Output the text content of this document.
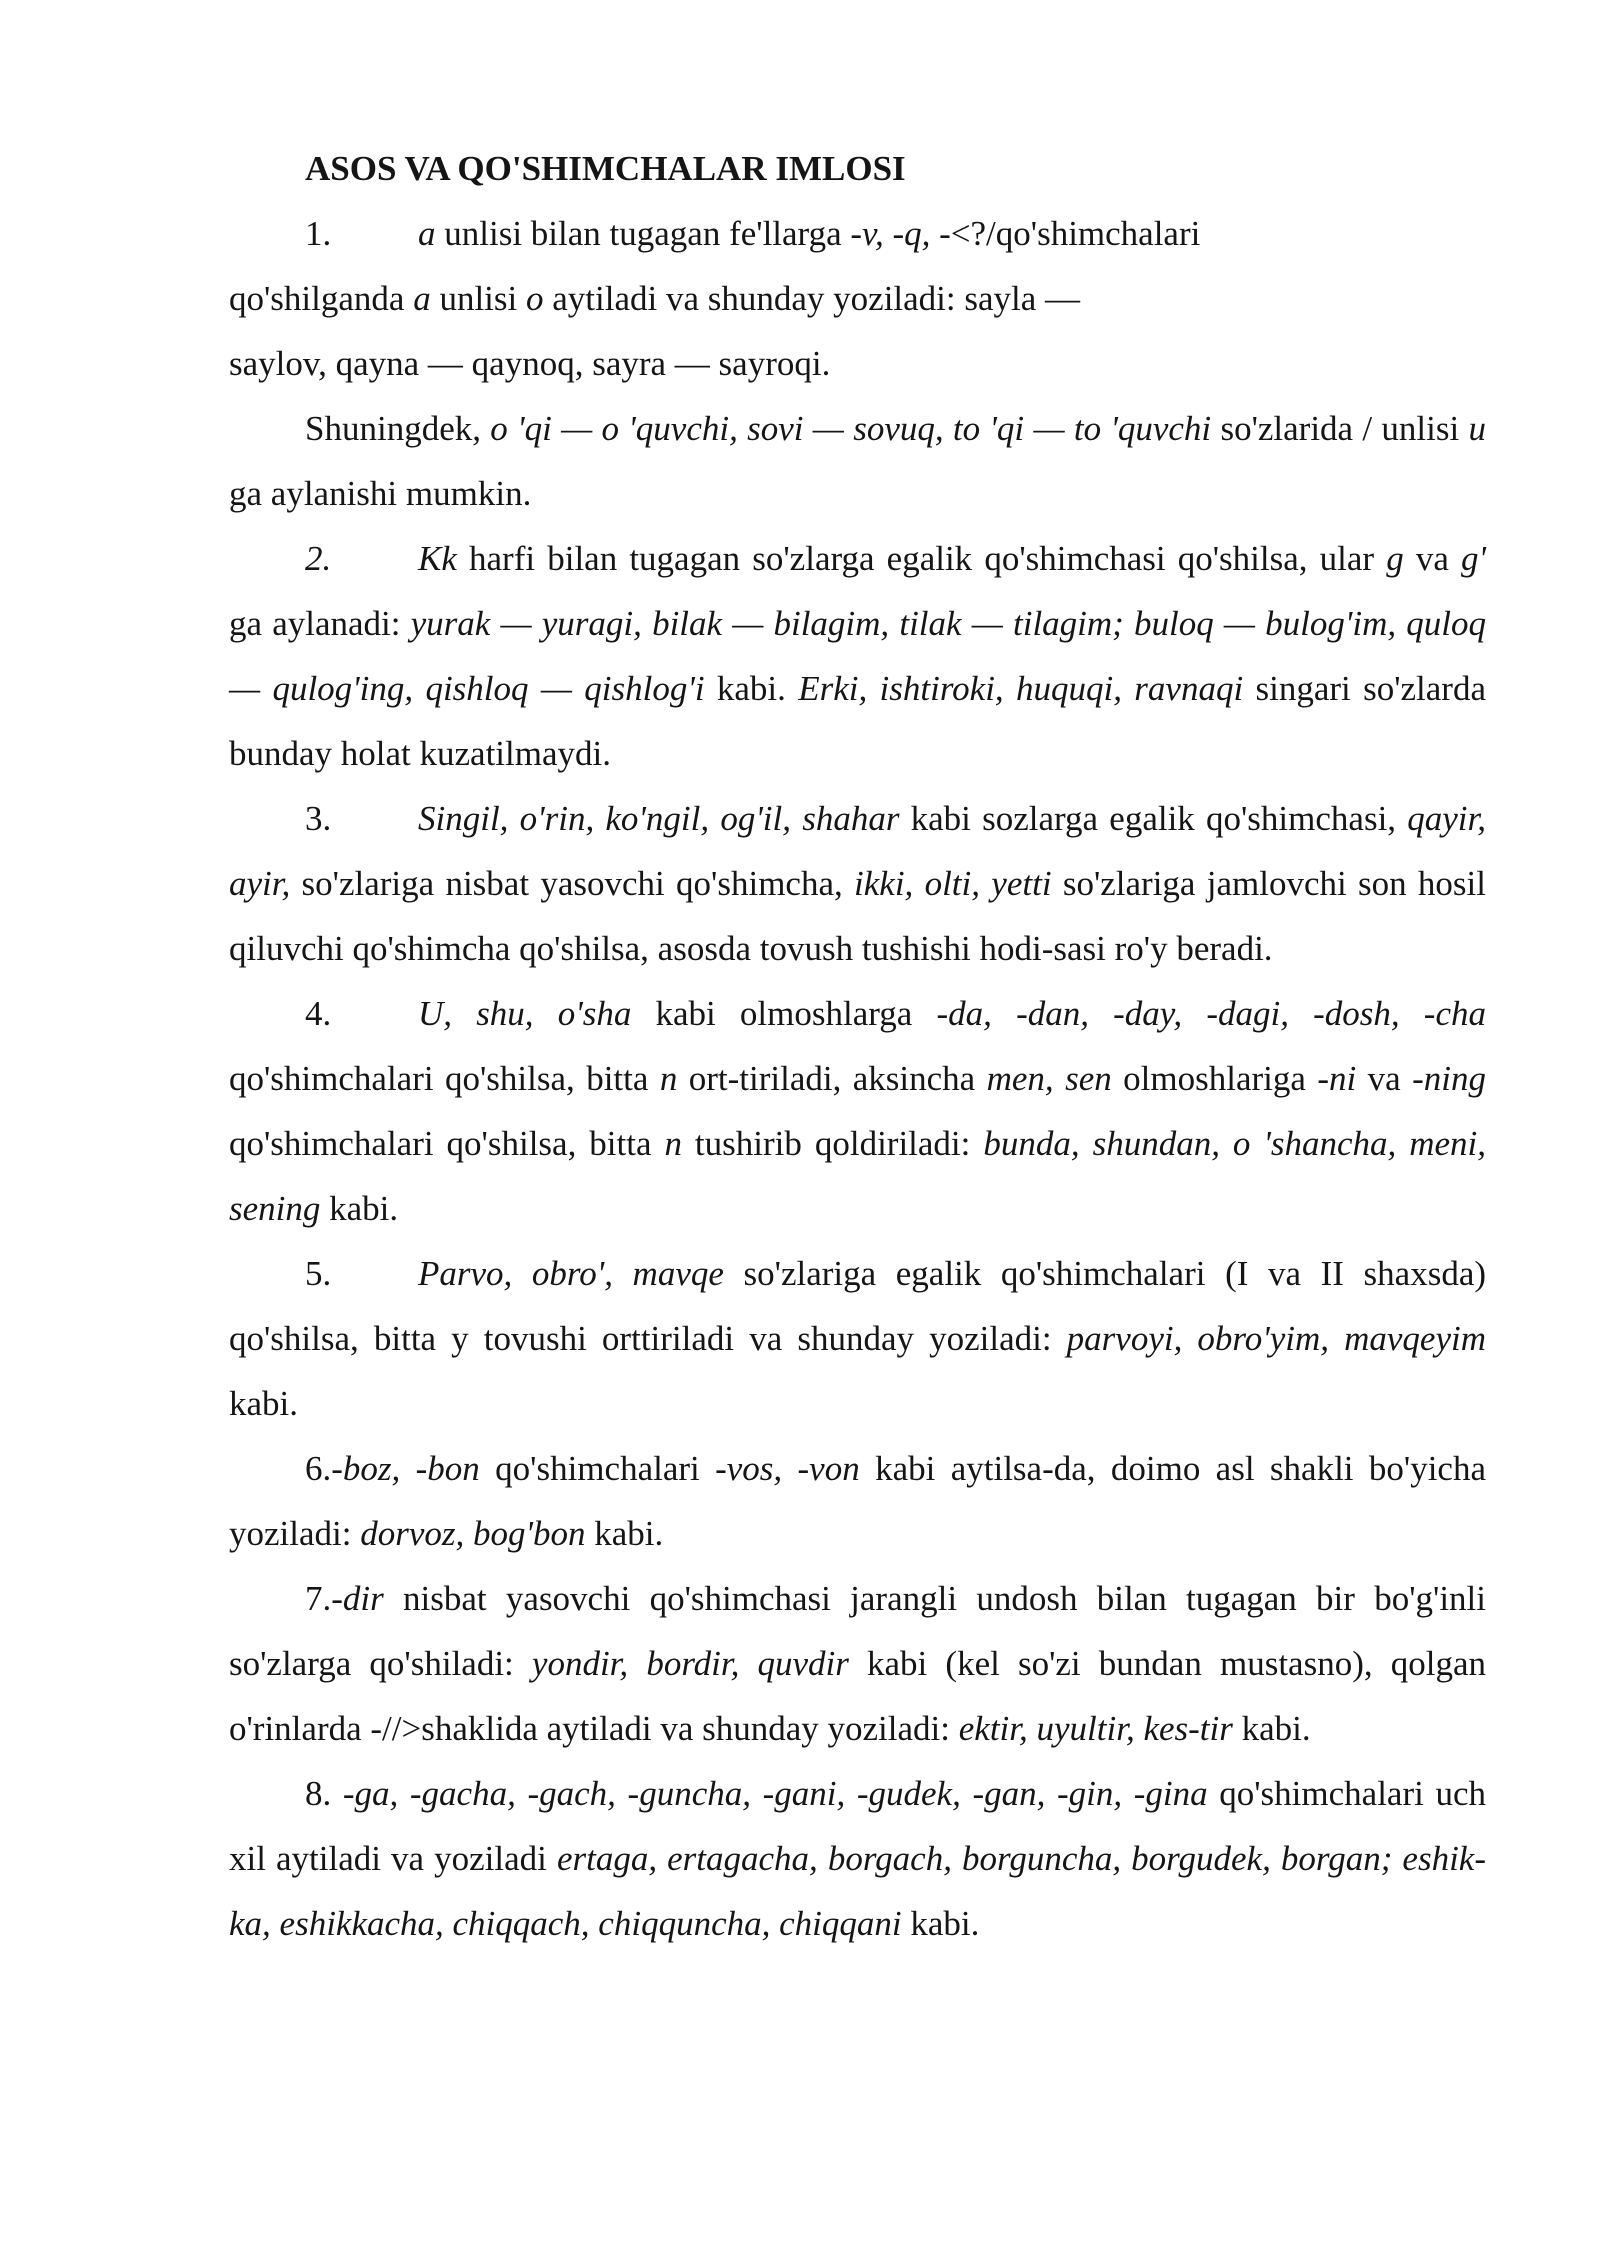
ASOS VA QO'SHIMCHALAR IMLOSI

1. a unlisi bilan tugagan fe'llarga -v, -q, -<?/qo'shimchalari
qo'shilganda a unlisi o aytiladi va shunday yoziladi: sayla —
saylov, qayna — qaynoq, sayra — sayroqi.

Shuningdek, o 'qi — o 'quvchi, sovi — sovuq, to 'qi — to 'quvchi so'zlarida / unlisi u ga aylanishi mumkin.

2. Kk harfi bilan tugagan so'zlarga egalik qo'shimchasi qo'shilsa, ular g va g' ga aylanadi: yurak — yuragi, bilak — bilagim, tilak — tilagim; buloq — bulog'im, quloq— qulog'ing, qishloq — qishlog'i kabi. Erki, ishtiroki, huquqi, ravnaqi singari so'zlarda bunday holat kuzatilmaydi.

3. Singil, o'rin, ko'ngil, og'il, shahar kabi sozlarga egalik qo'shimchasi, qayir, ayir, so'zlariga nisbat yasovchi qo'shimcha, ikki, olti, yetti so'zlariga jamlovchi son hosil qiluvchi qo'shimcha qo'shilsa, asosda tovush tushishi hodi-sasi ro'y beradi.

4. U, shu, o'sha kabi olmoshlarga -da, -dan, -day, -dagi, -dosh, -cha qo'shimchalari qo'shilsa, bitta n ort-tiriladi, aksincha men, sen olmoshlariga -ni va -ning qo'shimchalari qo'shilsa, bitta n tushirib qoldiriladi: bunda, shundan, o 'shancha, meni, sening kabi.

5. Parvo, obro', mavqe so'zlariga egalik qo'shimchalari (I va II shaxsda) qo'shilsa, bitta y tovushi orttiriladi va shunday yoziladi: parvoyi, obro'yim, mavqeyim kabi.

6.-boz, -bon qo'shimchalari -vos, -von kabi aytilsa-da, doimo asl shakli bo'yicha yoziladi: dorvoz, bog'bon kabi.

7.-dir nisbat yasovchi qo'shimchasi jarangli undosh bilan tugagan bir bo'g'inli so'zlarga qo'shiladi: yondir, bordir, quvdir kabi (kel so'zi bundan mustasno), qolgan o'rinlarda -//>shaklida aytiladi va shunday yoziladi: ektir, uyultir, kes-tir kabi.

8. -ga, -gacha, -gach, -guncha, -gani, -gudek, -gan, -gin, -gina qo'shimchalari uch xil aytiladi va yoziladi ertaga, ertagacha, borgach, borguncha, borgudek, borgan; eshik-ka, eshikkacha, chiqqach, chiqquncha, chiqqani kabi.
